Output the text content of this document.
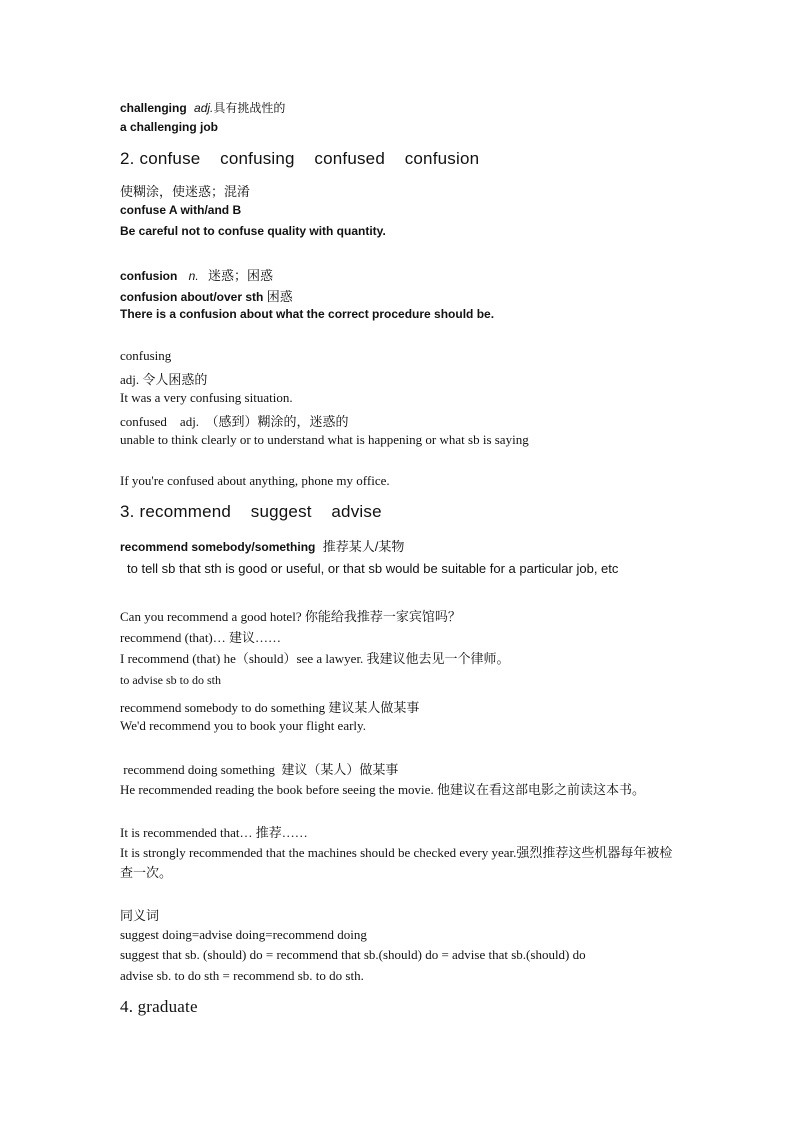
challenging adj.具有挑战性的
a challenging job
2. confuse    confusing    confused    confusion
使糊涂，使迷惑；混淆
confuse A with/and B
Be careful not to confuse quality with quantity.
confusion n. 迷惑；困惑
confusion about/over sth 困惑
There is a confusion about what the correct procedure should be.
confusing
adj. 令人困惑的
It was a very confusing situation.
confused    adj.  （感到）糊涂的，迷惑的
unable to think clearly or to understand what is happening or what sb is saying
If you're confused about anything, phone my office.
3. recommend    suggest    advise
recommend somebody/something 推荐某人/某物
to tell sb that sth is good or useful, or that sb would be suitable for a particular job, etc
Can you recommend a good hotel? 你能给我推荐一家宾馆吗？
recommend (that)… 建议……
I recommend (that) he（should）see a lawyer. 我建议他去见一个律师。
to advise sb to do sth
recommend somebody to do something 建议某人做某事
We'd recommend you to book your flight early.
recommend doing something  建议（某人）做某事
He recommended reading the book before seeing the movie. 他建议在看这部电影之前读这本书。
It is recommended that… 推荐……
It is strongly recommended that the machines should be checked every year.强烈推荐这些机器每年被检查一次。
同义词
suggest doing=advise doing=recommend doing
suggest that sb. (should) do = recommend that sb.(should) do = advise that sb.(should) do
advise sb. to do sth = recommend sb. to do sth.
4. graduate
